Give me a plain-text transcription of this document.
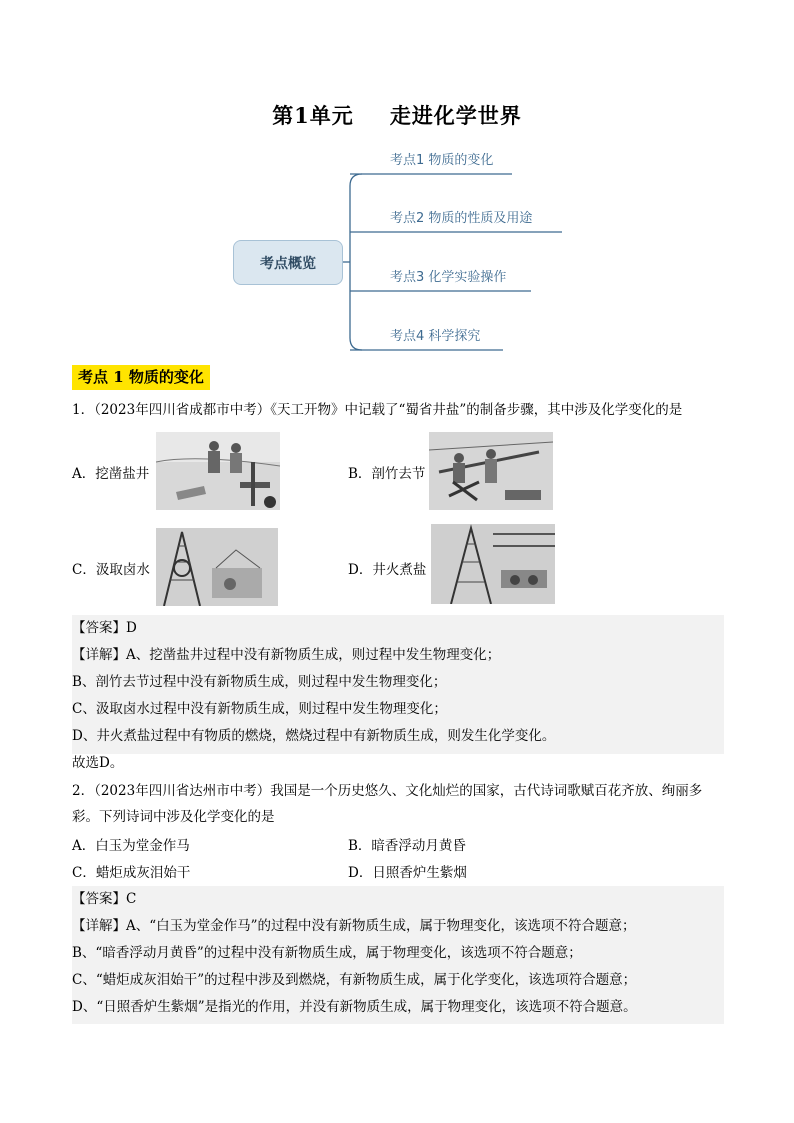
第1单元 走进化学世界
考点1 物质的变化
考点2 物质的性质及用途
考点3 化学实验操作
考点4 科学探究
考点概览
考点 1 物质的变化
1．（2023年四川省成都市中考）《天工开物》中记载了“蜀省井盐”的制备步骤，其中涉及化学变化的是
A．挖凿盐井	B．剖竹去节
C．汲取卤水	D．井火煮盐
【答案】D
【详解】A、挖凿盐井过程中没有新物质生成，则过程中发生物理变化；
B、剖竹去节过程中没有新物质生成，则过程中发生物理变化；
C、汲取卤水过程中没有新物质生成，则过程中发生物理变化；
D、井火煮盐过程中有物质的燃烧，燃烧过程中有新物质生成，则发生化学变化。
故选D。
2．（2023年四川省达州市中考）我国是一个历史悠久、文化灿烂的国家，古代诗词歌赋百花齐放、绚丽多
彩。下列诗词中涉及化学变化的是
A．白玉为堂金作马	B．暗香浮动月黄昏
C．蜡炬成灰泪始干	D．日照香炉生紫烟
【答案】C
【详解】A、“白玉为堂金作马”的过程中没有新物质生成，属于物理变化，该选项不符合题意；
B、“暗香浮动月黄昏”的过程中没有新物质生成，属于物理变化，该选项不符合题意；
C、“蜡炬成灰泪始干”的过程中涉及到燃烧，有新物质生成，属于化学变化，该选项符合题意；
D、“日照香炉生紫烟”是指光的作用，并没有新物质生成，属于物理变化，该选项不符合题意。
